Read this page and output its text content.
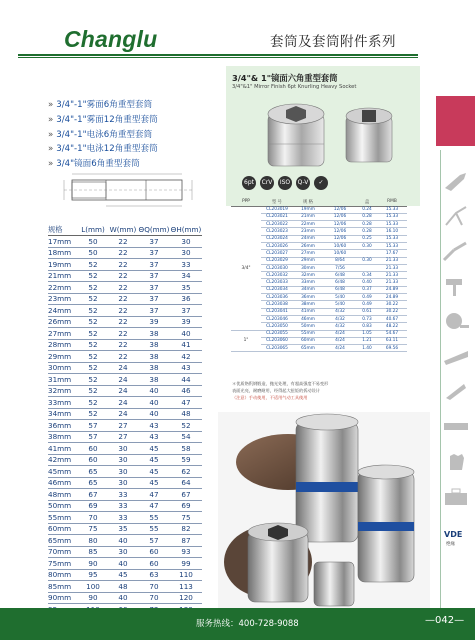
Changlu	套筒及套筒附件系列
» 3/4"-1"雾面6角重型套筒
» 3/4"-1"雾面12角重型套筒
» 3/4"-1"电泳6角重型套筒
» 3/4"-1"电泳12角重型套筒
» 3/4"镜面6角重型套筒
规格	L(mm)	W(mm)	ΘQ(mm)	ΘH(mm)
17mm	50	22	37	30
18mm	50	22	37	30
19mm	52	22	37	33
21mm	52	22	37	34
22mm	52	22	37	35
23mm	52	22	37	36
24mm	52	22	37	37
26mm	52	22	39	39
27mm	52	22	38	40
28mm	52	22	38	41
29mm	52	22	38	42
30mm	52	24	38	43
31mm	52	24	38	44
32mm	52	24	40	46
33mm	52	24	40	47
34mm	52	24	40	48
36mm	57	27	43	52
38mm	57	27	43	54
41mm	60	30	45	58
42mm	60	30	45	59
45mm	65	30	45	62
46mm	65	30	45	64
48mm	67	33	47	67
50mm	69	33	47	69
55mm	70	33	55	75
60mm	75	35	55	82
65mm	80	40	57	87
70mm	85	30	60	93
75mm	90	40	60	99
80mm	95	45	63	110
85mm	100	48	70	113
90mm	90	40	70	120

3/4"& 1"镜面六角重型套筒
3/4"&1" Mirror Finish 6pt Knurling Heavy Socket
6pt	CrV	ISO	Q-V	✓
PPP	型 号	规 格		盒	RMB
3/4"	CL203019	19mm	12/06	0.24	15.33
	CL203021	21mm	12/06	0.28	15.33
	CL203022	22mm	12/06	0.28	15.33
	CL203023	23mm	12/06	0.28	16.10
	CL203024	24mm	12/06	0.25	15.33
	CL203026	26mm	10/60	0.30	15.33
	CL203027	27mm	10/60		17.67
	CL203029	29mm	8/64	0.30	21.33
	CL203030	30mm	7/56		21.33
	CL203032	32mm	6/48	0.34	21.33
	CL203033	33mm	6/48	0.40	21.33
	CL203034	34mm	6/48	0.37	24.89
	CL203036	36mm	5/40	0.49	24.89
	CL203038	38mm	5/40	0.49	30.22
	CL203041	41mm	4/32	0.61	30.22
	CL203046	46mm	4/32	0.73	40.67
	CL203050	50mm	4/32	0.83	48.22
1"	CL203055	55mm	4/24	1.05	54.67
	CL203060	60mm	4/24	1.21	63.11
	CL203065	65mm	4/24	1.40	69.56
＊优质铬钒钢锻造，抛光处理，有超高强度不易变形
表面光亮，耐磨耐用，经得起大扭矩的扳动设计
（注意）手动使用，不适用气动工具使用
VDE
绝缘
服务热线：400-728-9088	—042—
